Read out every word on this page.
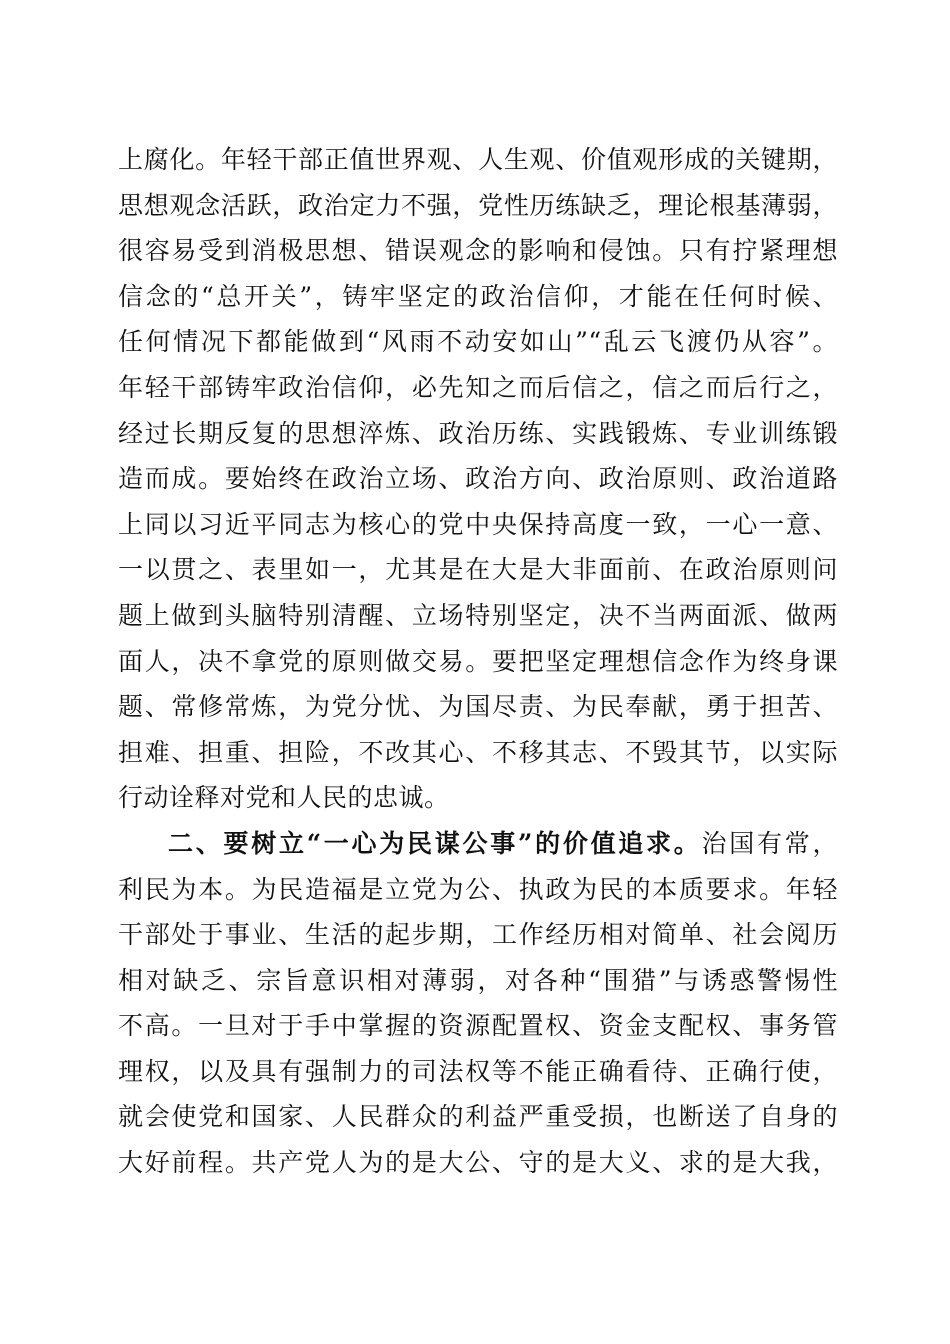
上腐化。年轻干部正值世界观、人生观、价值观形成的关键期，
思想观念活跃，政治定力不强，党性历练缺乏，理论根基薄弱，
很容易受到消极思想、错误观念的影响和侵蚀。只有拧紧理想
信念的“总开关”，铸牢坚定的政治信仰，才能在任何时候、
任何情况下都能做到“风雨不动安如山”“乱云飞渡仍从容”。
年轻干部铸牢政治信仰，必先知之而后信之，信之而后行之，
经过长期反复的思想淬炼、政治历练、实践锻炼、专业训练锻
造而成。要始终在政治立场、政治方向、政治原则、政治道路
上同以习近平同志为核心的党中央保持高度一致，一心一意、
一以贯之、表里如一，尤其是在大是大非面前、在政治原则问
题上做到头脑特别清醒、立场特别坚定，决不当两面派、做两
面人，决不拿党的原则做交易。要把坚定理想信念作为终身课
题、常修常炼，为党分忧、为国尽责、为民奉献，勇于担苦、
担难、担重、担险，不改其心、不移其志、不毁其节，以实际
行动诠释对党和人民的忠诚。
二、要树立“一心为民谋公事”的价值追求。治国有常，
利民为本。为民造福是立党为公、执政为民的本质要求。年轻
干部处于事业、生活的起步期，工作经历相对简单、社会阅历
相对缺乏、宗旨意识相对薄弱，对各种“围猎”与诱惑警惕性
不高。一旦对于手中掌握的资源配置权、资金支配权、事务管
理权，以及具有强制力的司法权等不能正确看待、正确行使，
就会使党和国家、人民群众的利益严重受损，也断送了自身的
大好前程。共产党人为的是大公、守的是大义、求的是大我，
